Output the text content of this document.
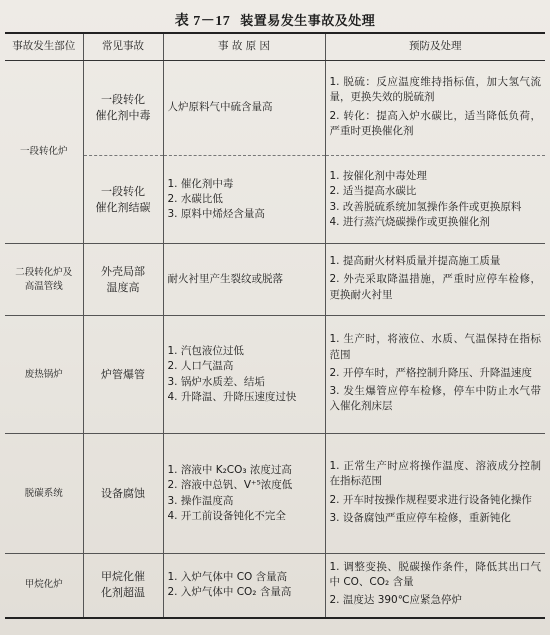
表 7－17 装置易发生事故及处理
事故发生部位	常见事故	事 故 原 因	预防及处理
一段转化炉	一段转化
催化剂中毒	人炉原料气中硫含量高	1. 脱硫：反应温度维持指标值，加大氢气流量，更换失效的脱硫剂
2. 转化：提高入炉水碳比，适当降低负荷，严重时更换催化剂

	一段转化
催化剂结碳	1. 催化剂中毒
2. 水碳比低
3. 原料中烯烃含量高	1. 按催化剂中毒处理
2. 适当提高水碳比
3. 改善脱硫系统加氢操作条件或更换原料
4. 进行蒸汽烧碳操作或更换催化剂

二段转化炉及
高温管线	外壳局部
温度高	耐火衬里产生裂纹或脱落	1. 提高耐火材料质量并提高施工质量
2. 外壳采取降温措施，严重时应停车检修，更换耐火衬里

废热锅炉	炉管爆管	1. 汽包液位过低
2. 人口气温高
3. 锅炉水质差、结垢
4. 升降温、升降压速度过快	1. 生产时，将液位、水质、气温保持在指标范围
2. 开停车时，严格控制升降压、升降温速度
3. 发生爆管应停车检修，停车中防止水气带入催化剂床层

脱碳系统	设备腐蚀	1. 溶液中 K₂CO₃ 浓度过高
2. 溶液中总钒、V⁺⁵浓度低
3. 操作温度高
4. 开工前设备钝化不完全	1. 正常生产时应将操作温度、溶液成分控制在指标范围
2. 开车时按操作规程要求进行设备钝化操作
3. 设备腐蚀严重应停车检修，重新钝化

甲烷化炉	甲烷化催
化剂超温	1. 入炉气体中 CO 含量高
2. 入炉气体中 CO₂ 含量高	1. 调整变换、脱碳操作条件，降低其出口气中 CO、CO₂ 含量
2. 温度达 390℃应紧急停炉
